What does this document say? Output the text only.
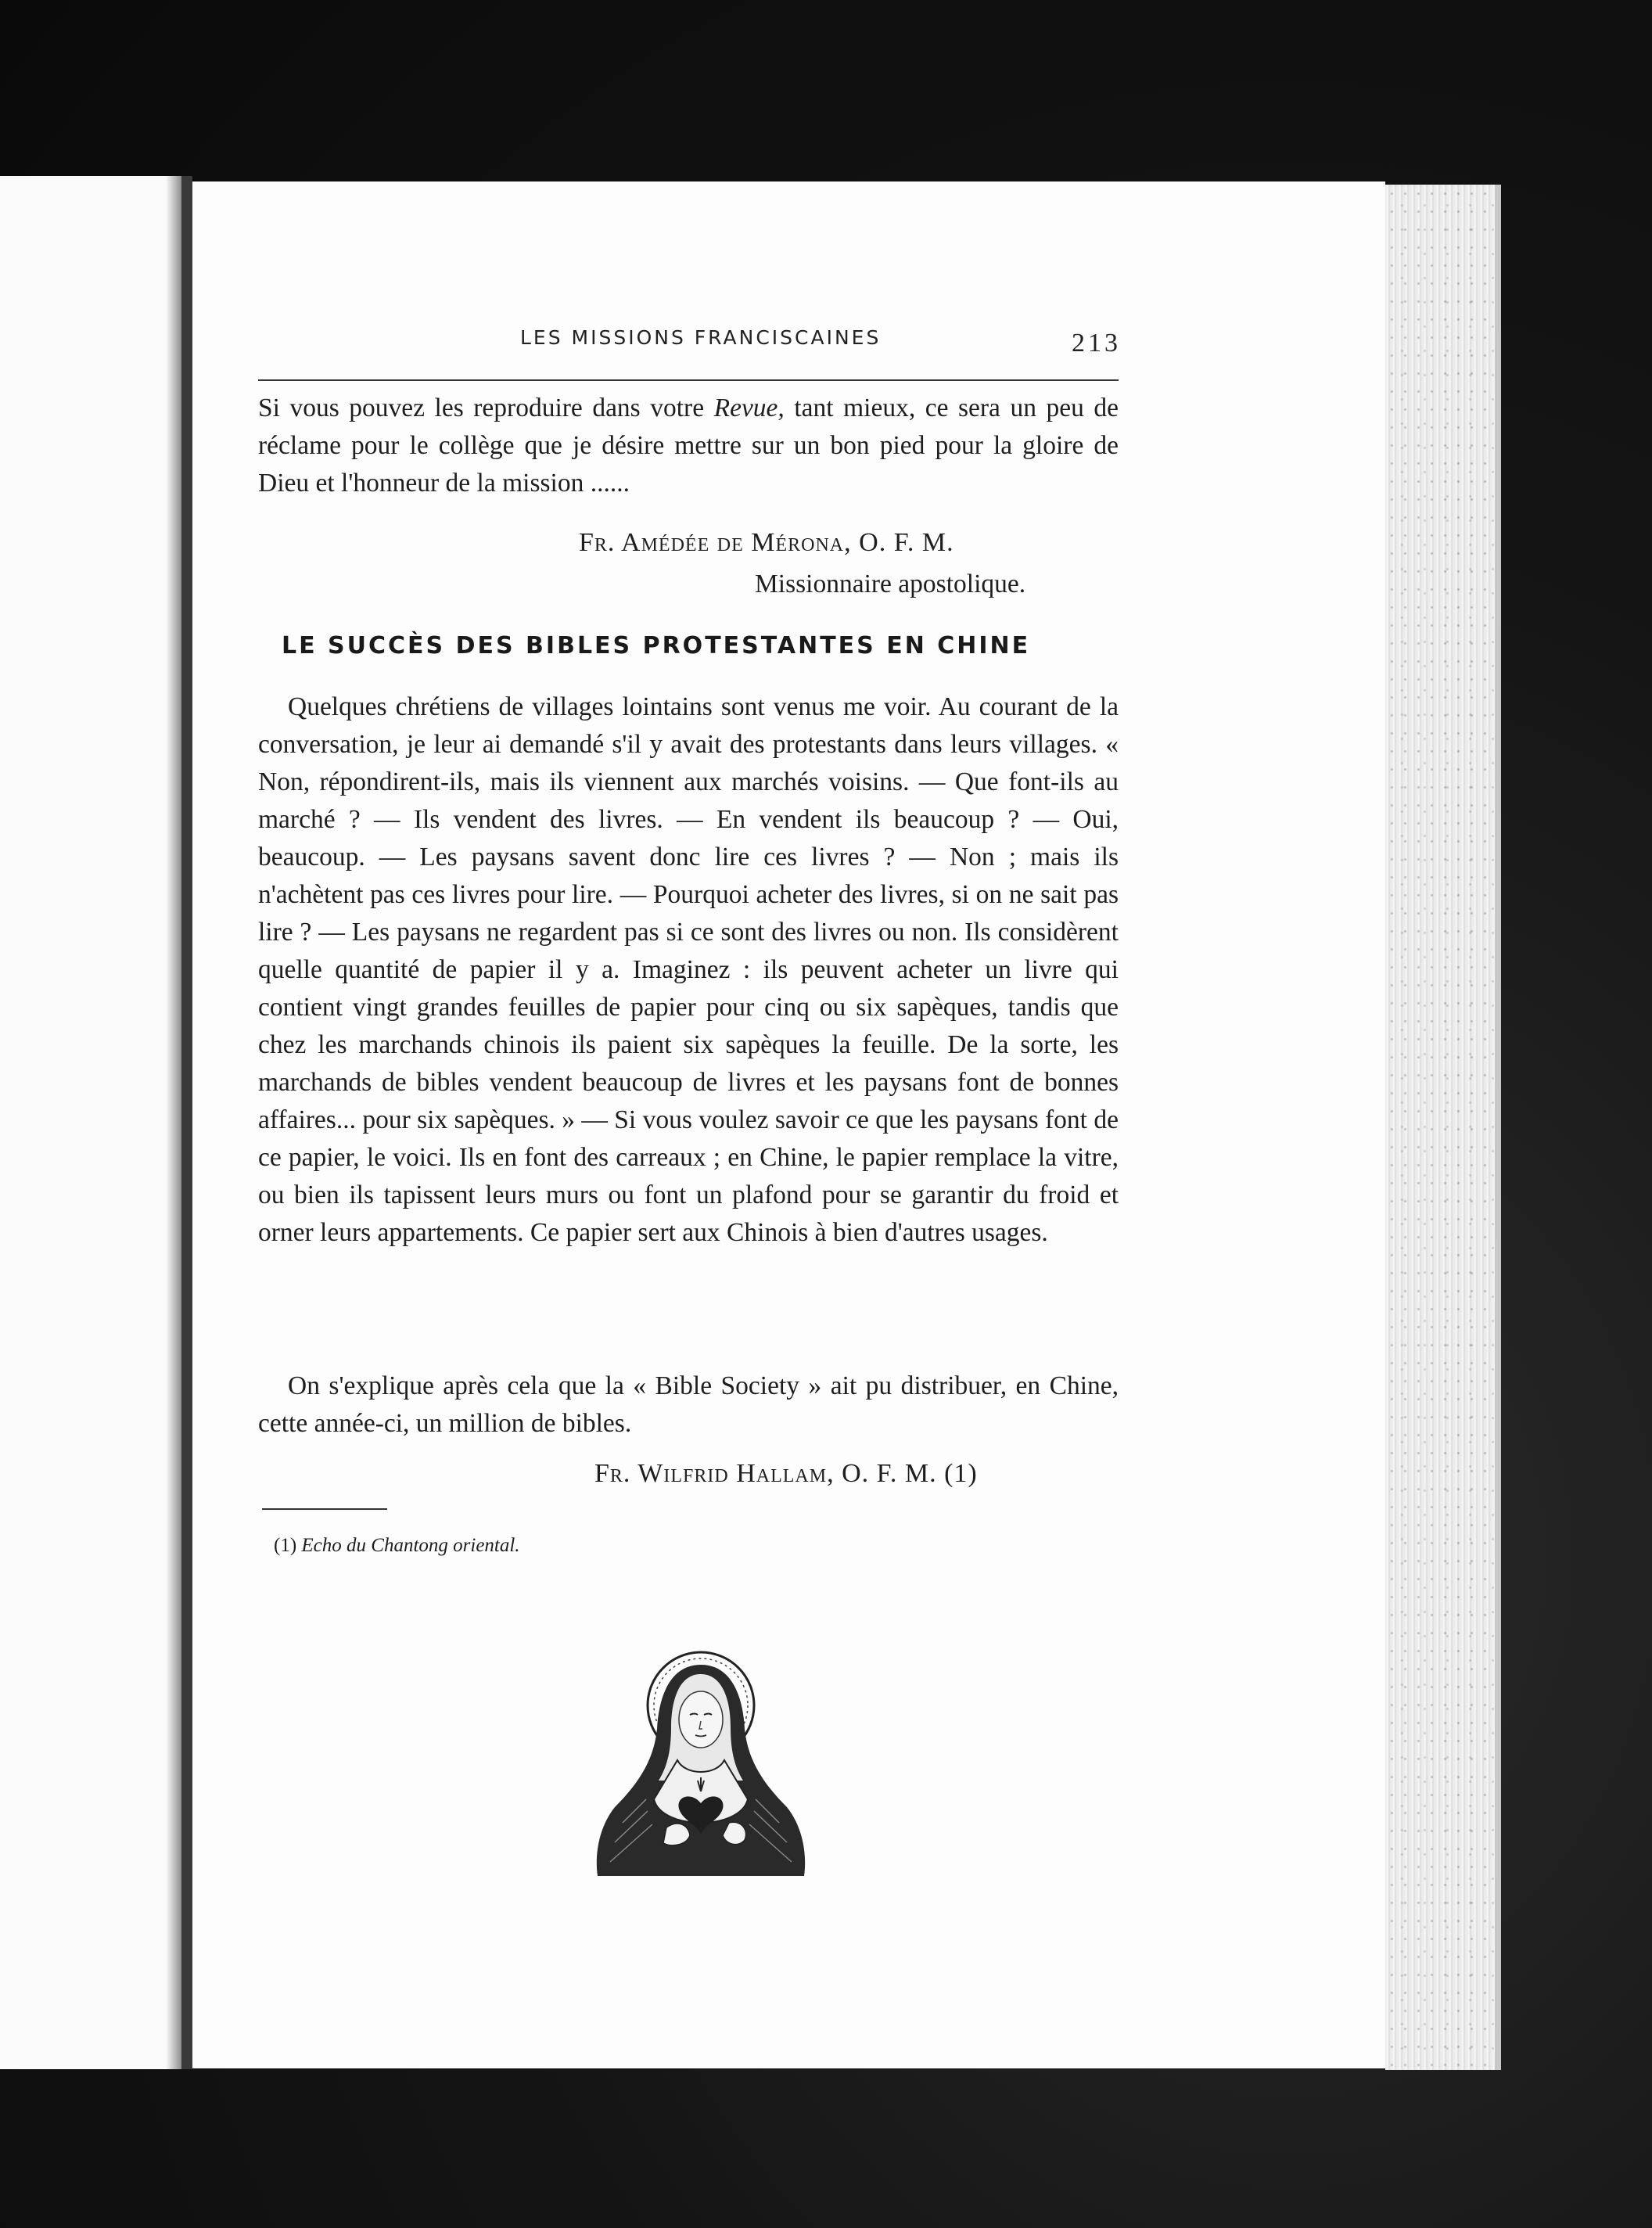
LES MISSIONS FRANCISCAINES	213
Si vous pouvez les reproduire dans votre Revue, tant mieux, ce sera un peu de réclame pour le collège que je désire mettre sur un bon pied pour la gloire de Dieu et l'honneur de la mission ......
Fr. Amédée de Mérona, O. F. M.
Missionnaire apostolique.
LE SUCCÈS DES BIBLES PROTESTANTES EN CHINE
Quelques chrétiens de villages lointains sont venus me voir. Au courant de la conversation, je leur ai demandé s'il y avait des protestants dans leurs villages. « Non, répondirent-ils, mais ils viennent aux marchés voisins. — Que font-ils au marché ? — Ils vendent des livres. — En vendent ils beaucoup ? — Oui, beaucoup. — Les paysans savent donc lire ces livres ? — Non ; mais ils n'achètent pas ces livres pour lire. — Pourquoi acheter des livres, si on ne sait pas lire ? — Les paysans ne regardent pas si ce sont des livres ou non. Ils considèrent quelle quantité de papier il y a. Imaginez : ils peuvent acheter un livre qui contient vingt grandes feuilles de papier pour cinq ou six sapèques, tandis que chez les marchands chinois ils paient six sapèques la feuille. De la sorte, les marchands de bibles vendent beaucoup de livres et les paysans font de bonnes affaires... pour six sapèques. » — Si vous voulez savoir ce que les paysans font de ce papier, le voici. Ils en font des carreaux ; en Chine, le papier remplace la vitre, ou bien ils tapissent leurs murs ou font un plafond pour se garantir du froid et orner leurs appartements. Ce papier sert aux Chinois à bien d'autres usages.
On s'explique après cela que la « Bible Society » ait pu distribuer, en Chine, cette année-ci, un million de bibles.
Fr. Wilfrid Hallam, O. F. M. (1)
(1) Echo du Chantong oriental.
